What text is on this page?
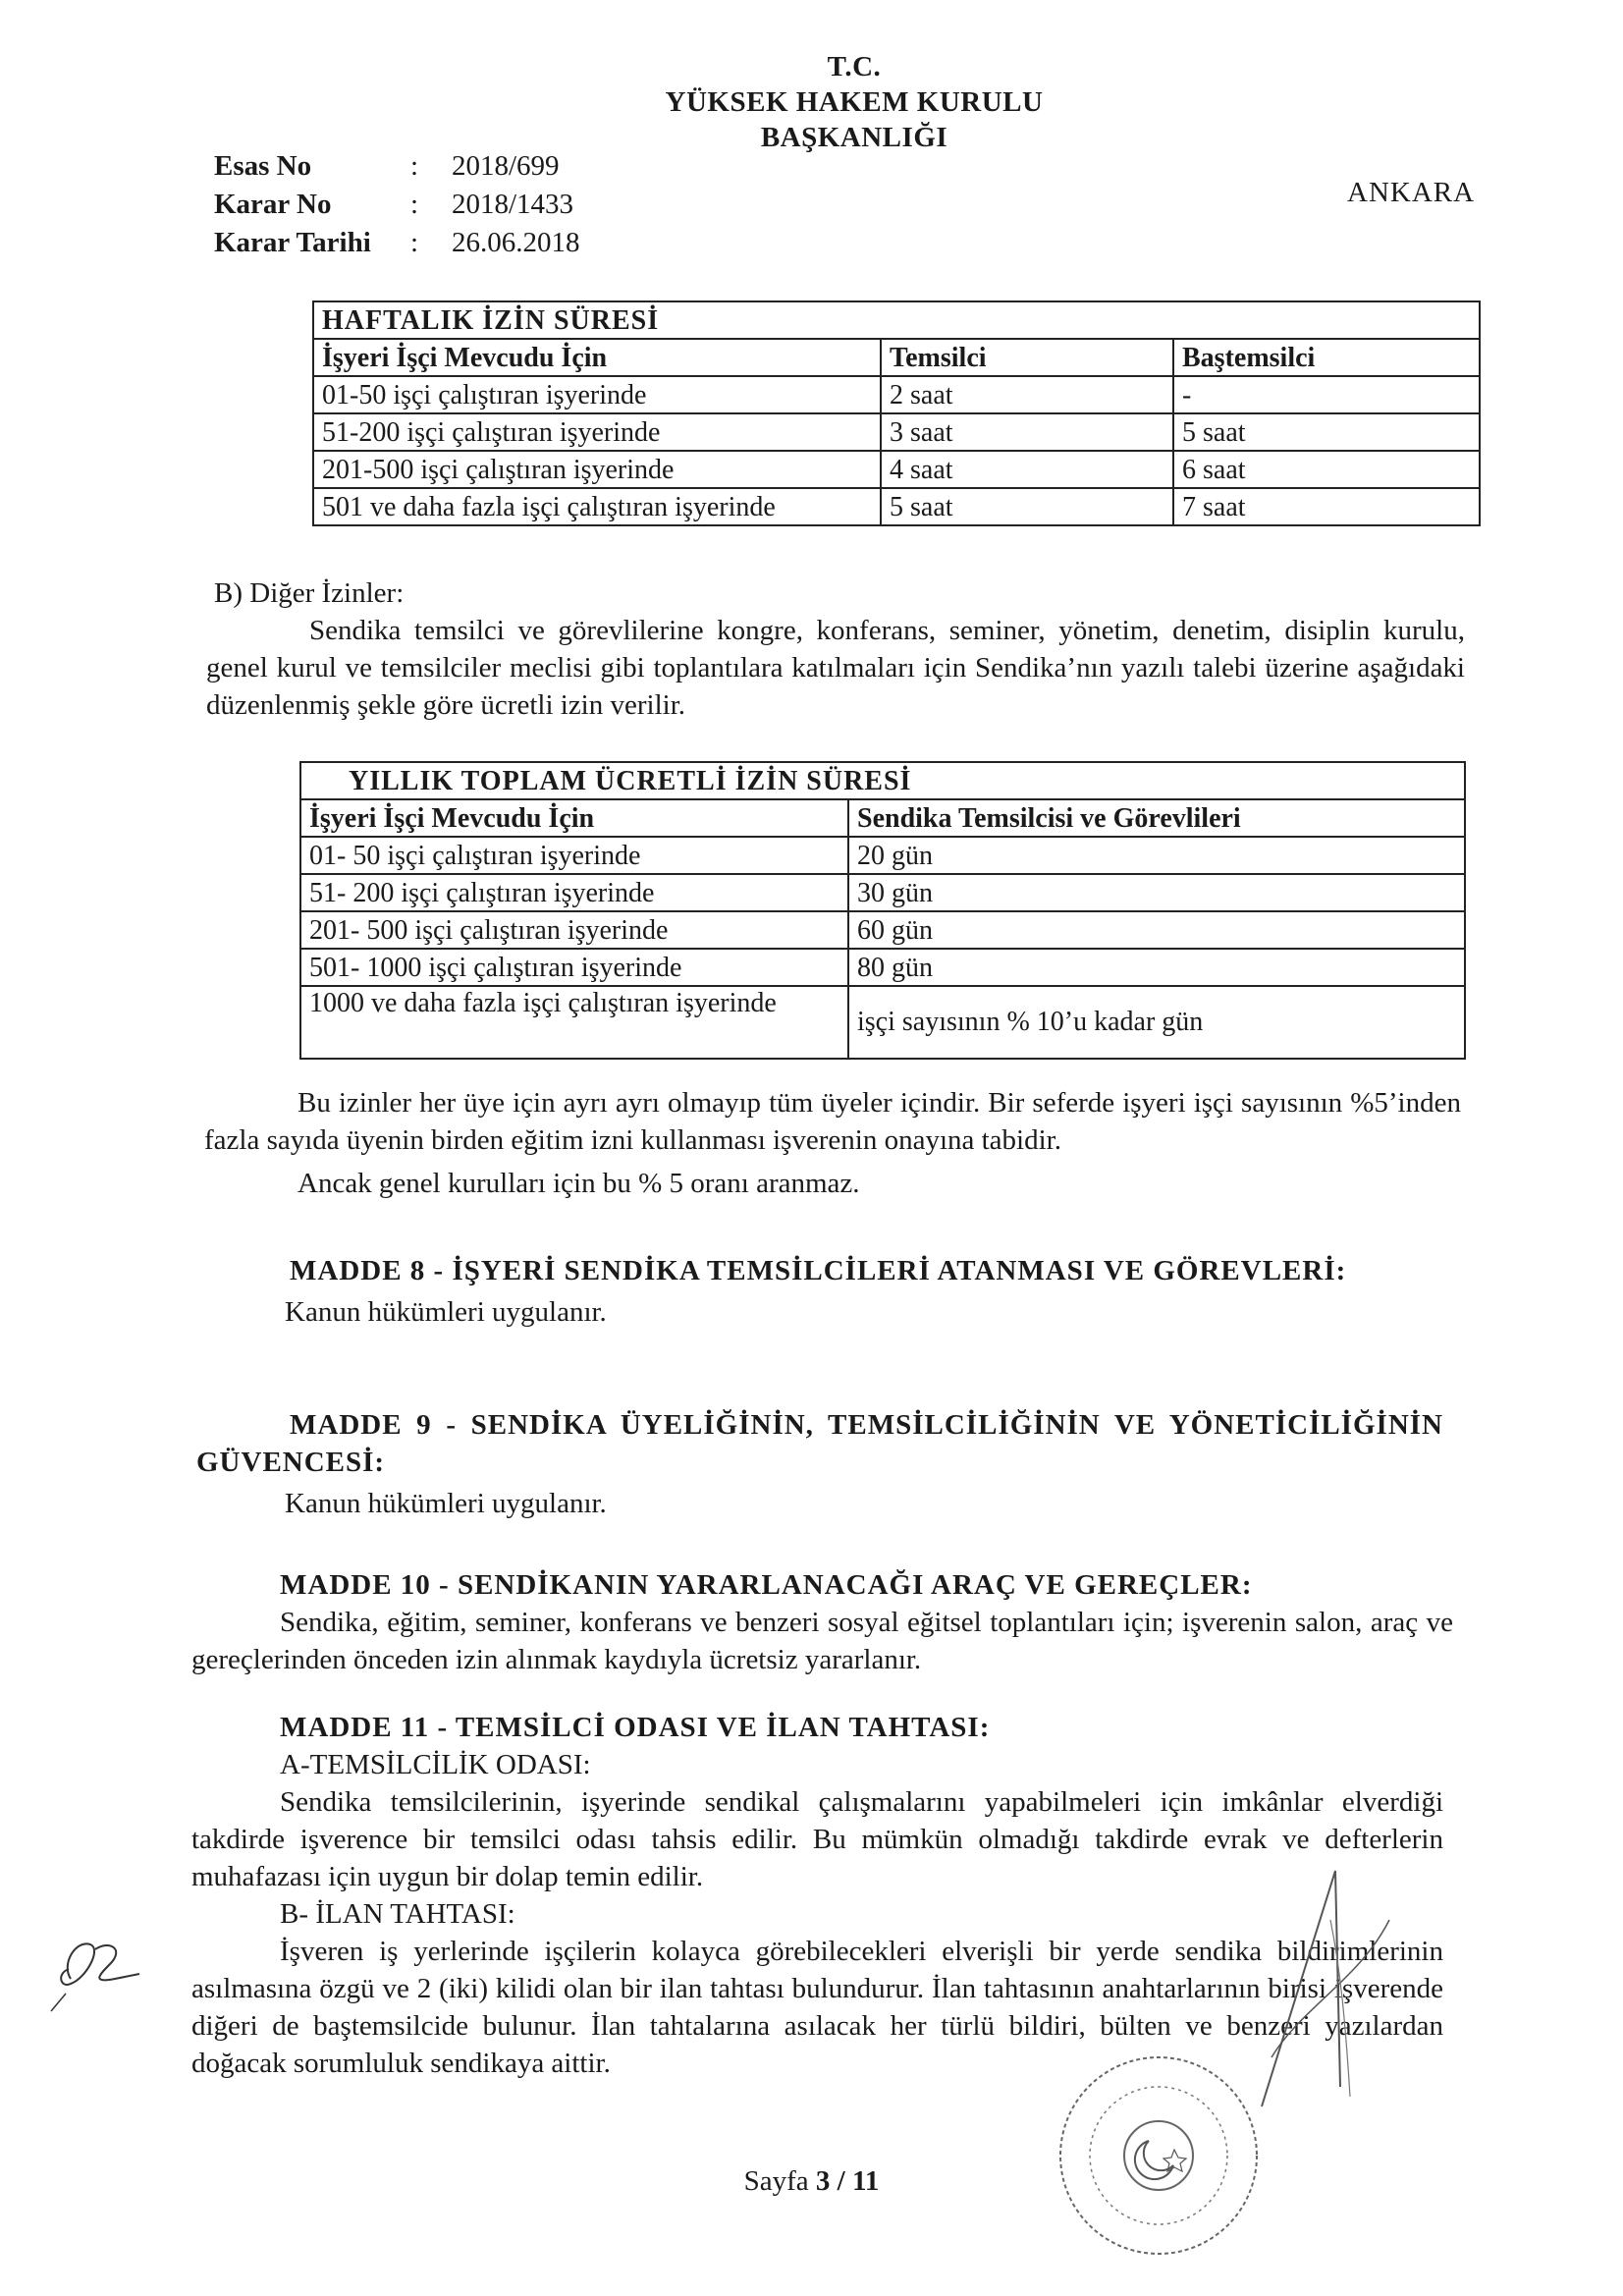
T.C.
YÜKSEK HAKEM KURULU
BAŞKANLIĞI
Esas No	:	2018/699
Karar No	:	2018/1433
Karar Tarihi	:	26.06.2018
ANKARA
HAFTALIK İZİN SÜRESİ		
İşyeri İşçi Mevcudu İçin	Temsilci	Baştemsilci
01-50 işçi çalıştıran işyerinde	2 saat	-
51-200 işçi çalıştıran işyerinde	3 saat	5 saat
201-500 işçi çalıştıran işyerinde	4 saat	6 saat
501 ve daha fazla işçi çalıştıran işyerinde	5 saat	7 saat
B) Diğer İzinler:
Sendika temsilci ve görevlilerine kongre, konferans, seminer, yönetim, denetim, disiplin kurulu, genel kurul ve temsilciler meclisi gibi toplantılara katılmaları için Sendika’nın yazılı talebi üzerine aşağıdaki düzenlenmiş şekle göre ücretli izin verilir.
YILLIK TOPLAM ÜCRETLİ İZİN SÜRESİ	
İşyeri İşçi Mevcudu İçin	Sendika Temsilcisi ve Görevlileri
01- 50 işçi çalıştıran işyerinde	20 gün
51- 200 işçi çalıştıran işyerinde	30 gün
201- 500 işçi çalıştıran işyerinde	60 gün
501- 1000 işçi çalıştıran işyerinde	80 gün
1000 ve daha fazla işçi çalıştıran işyerinde	işçi sayısının % 10’u kadar gün
Bu izinler her üye için ayrı ayrı olmayıp tüm üyeler içindir. Bir seferde işyeri işçi sayısının %5’inden fazla sayıda üyenin birden eğitim izni kullanması işverenin onayına tabidir.
Ancak genel kurulları için bu % 5 oranı aranmaz.
MADDE 8 - İŞYERİ SENDİKA TEMSİLCİLERİ ATANMASI VE GÖREVLERİ:
Kanun hükümleri uygulanır.
MADDE 9 - SENDİKA ÜYELİĞİNİN, TEMSİLCİLİĞİNİN VE YÖNETİCİLİĞİNİN GÜVENCESİ:
Kanun hükümleri uygulanır.
MADDE 10 - SENDİKANIN YARARLANACAĞI ARAÇ VE GEREÇLER:
Sendika, eğitim, seminer, konferans ve benzeri sosyal eğitsel toplantıları için; işverenin salon, araç ve gereçlerinden önceden izin alınmak kaydıyla ücretsiz yararlanır.
MADDE 11 - TEMSİLCİ ODASI VE İLAN TAHTASI:
A-TEMSİLCİLİK ODASI:
Sendika temsilcilerinin, işyerinde sendikal çalışmalarını yapabilmeleri için imkânlar elverdiği takdirde işverence bir temsilci odası tahsis edilir. Bu mümkün olmadığı takdirde evrak ve defterlerin muhafazası için uygun bir dolap temin edilir.
B- İLAN TAHTASI:
İşveren iş yerlerinde işçilerin kolayca görebilecekleri elverişli bir yerde sendika bildirimlerinin asılmasına özgü ve 2 (iki) kilidi olan bir ilan tahtası bulundurur. İlan tahtasının anahtarlarının birisi işverende diğeri de baştemsilcide bulunur. İlan tahtalarına asılacak her türlü bildiri, bülten ve benzeri yazılardan doğacak sorumluluk sendikaya aittir.
Sayfa 3 / 11
